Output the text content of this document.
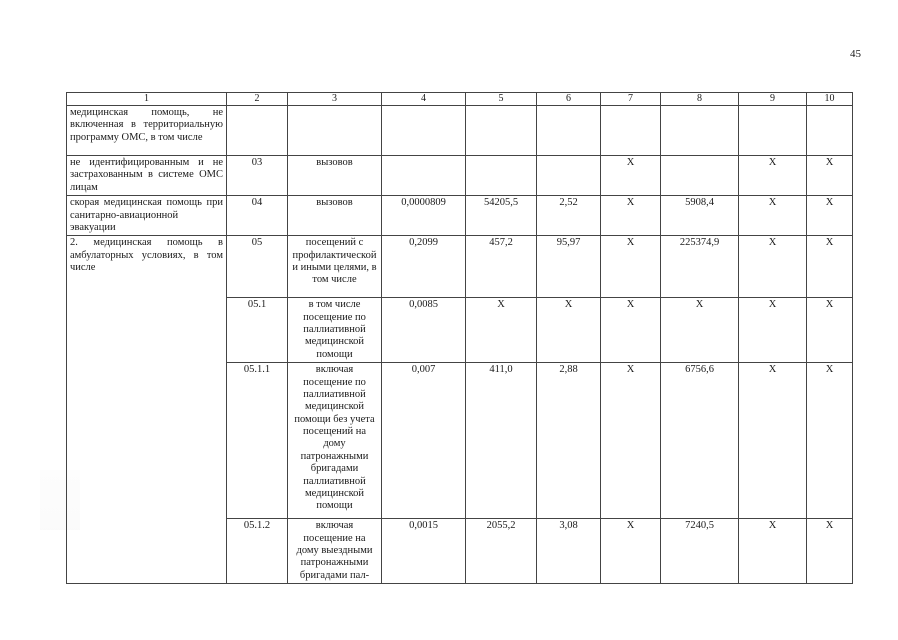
45
1	2	3	4	5	6	7	8	9	10
медицинская помощь, не включенная в территориальную программу ОМС, в том числе									
не идентифицированным и не застрахованным в системе ОМС лицам	03	вызовов				X		X	X
скорая медицинская помощь при санитарно-авиационной эвакуации	04	вызовов	0,0000809	54205,5	2,52	X	5908,4	X	X
2. медицинская помощь в амбулаторных условиях, в том числе	05	посещений с профилактической и иными целями, в том числе	0,2099	457,2	95,97	X	225374,9	X	X
	05.1	в том числе посещение по паллиативной медицинской помощи	0,0085	X	X	X	X	X	X
	05.1.1	включая посещение по паллиативной медицинской помощи без учета посещений на дому патронажными бригадами паллиативной медицинской помощи	0,007	411,0	2,88	X	6756,6	X	X
	05.1.2	включая посещение на дому выездными патронажными бригадами пал-	0,0015	2055,2	3,08	X	7240,5	X	X
